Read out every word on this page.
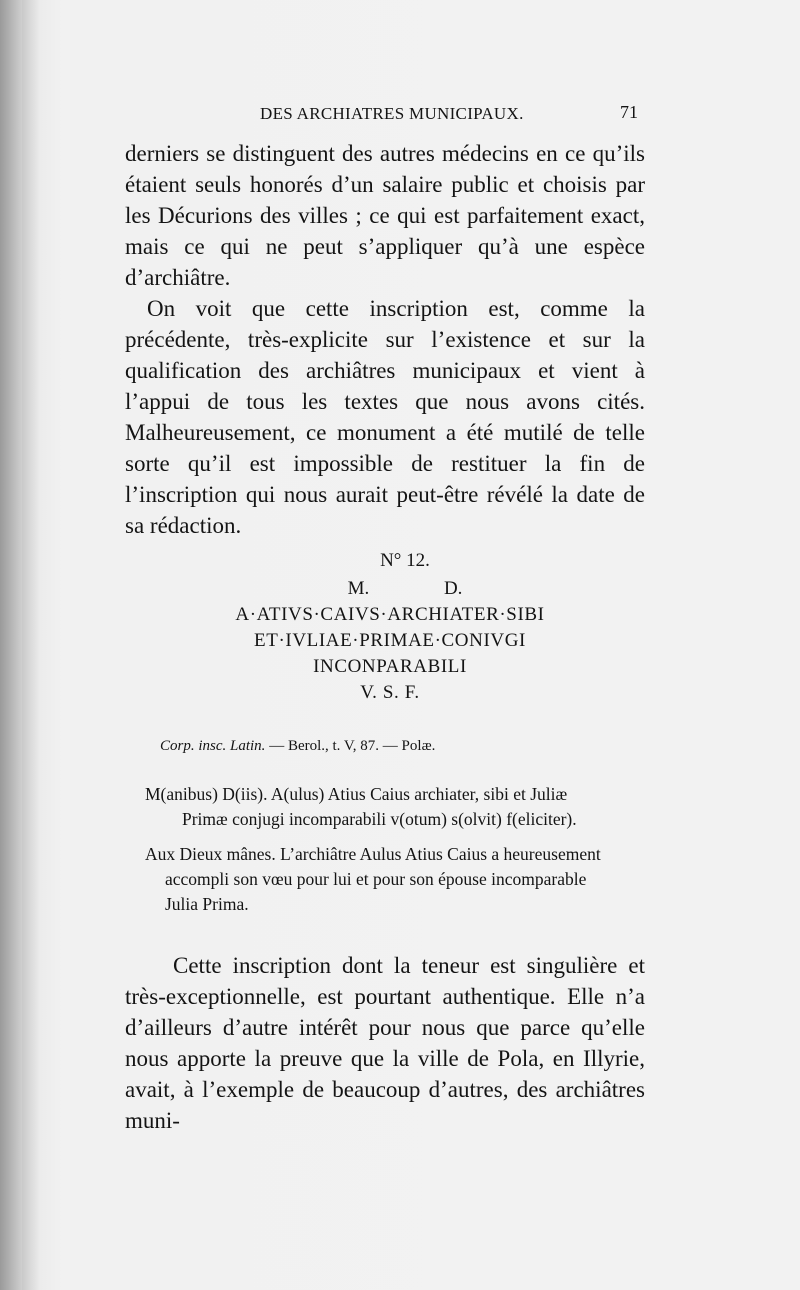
DES ARCHIATRES MUNICIPAUX.	71

derniers se distinguent des autres médecins en ce qu’ils étaient seuls honorés d’un salaire public et choisis par les Décurions des villes ; ce qui est parfaitement exact, mais ce qui ne peut s’appliquer qu’à une espèce d’archiâtre.

On voit que cette inscription est, comme la précédente, très-explicite sur l’existence et sur la qualification des archiâtres municipaux et vient à l’appui de tous les textes que nous avons cités. Malheureusement, ce monument a été mutilé de telle sorte qu’il est impossible de restituer la fin de l’inscription qui nous aurait peut-être révélé la date de sa rédaction.

N° 12.
M. D.
A·ATIVS·CAIVS·ARCHIATER·SIBI
ET·IVLIAE·PRIMAE·CONIVGI
INCONPARABILI
V. S. F.
Corp. insc. Latin. — Berol., t. V, 87. — Polæ.

M(anibus) D(iis). A(ulus) Atius Caius archiater, sibi et Juliæ
Primæ conjugi incomparabili v(otum) s(olvit) f(eliciter).

Aux Dieux mânes. L’archiâtre Aulus Atius Caius a heureusement
accompli son vœu pour lui et pour son épouse incomparable
Julia Prima.

Cette inscription dont la teneur est singulière et très-exceptionnelle, est pourtant authentique. Elle n’a d’ailleurs d’autre intérêt pour nous que parce qu’elle nous apporte la preuve que la ville de Pola, en Illyrie, avait, à l’exemple de beaucoup d’autres, des archiâtres muni-
